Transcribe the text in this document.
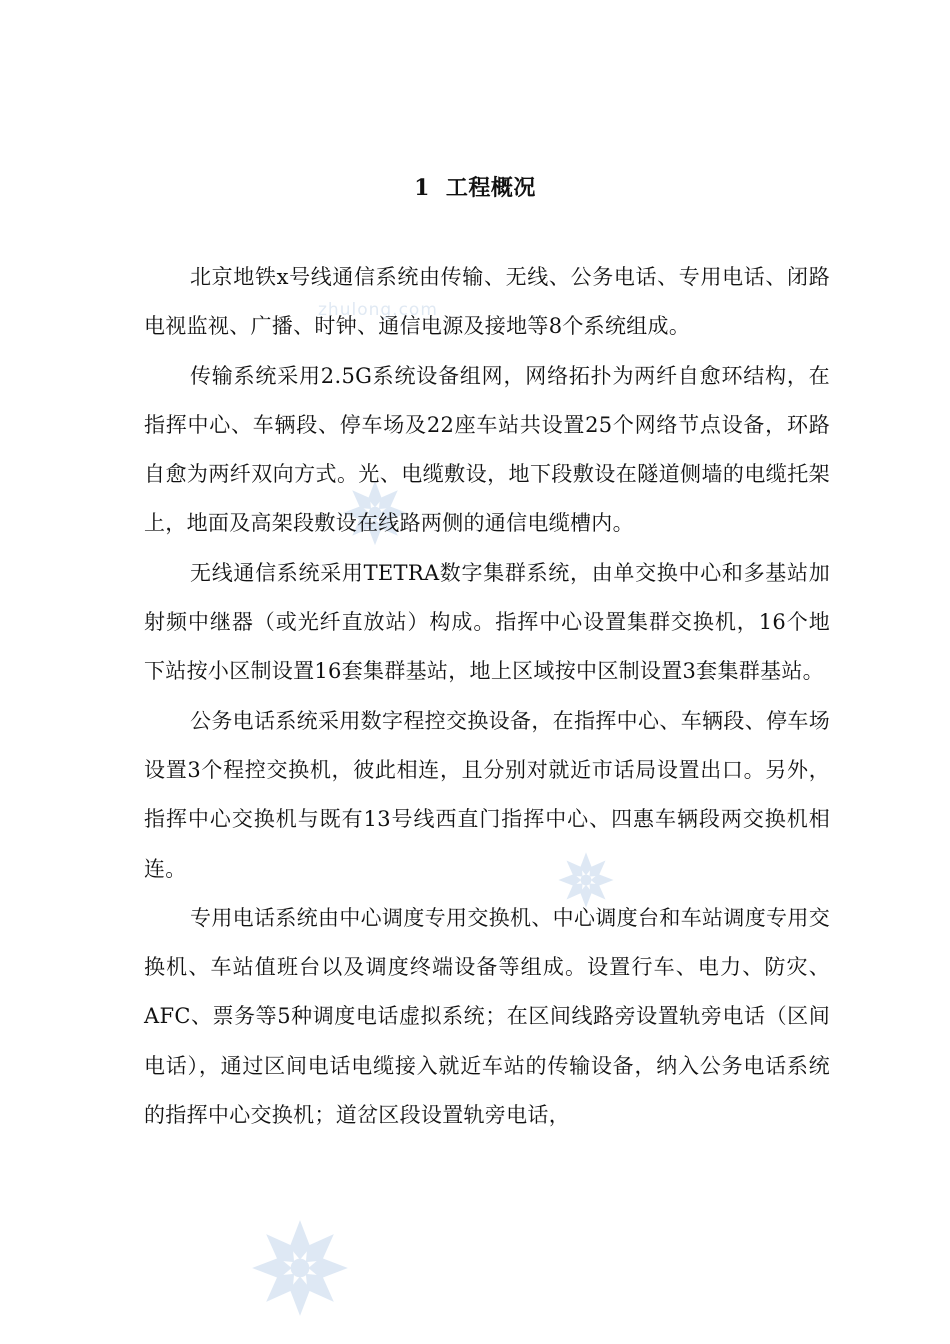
zhulong.com
1 工程概况

北京地铁x号线通信系统由传输、无线、公务电话、专用电话、闭路电视监视、广播、时钟、通信电源及接地等8个系统组成。

传输系统采用2.5G系统设备组网，网络拓扑为两纤自愈环结构，在指挥中心、车辆段、停车场及22座车站共设置25个网络节点设备，环路自愈为两纤双向方式。光、电缆敷设，地下段敷设在隧道侧墙的电缆托架上，地面及高架段敷设在线路两侧的通信电缆槽内。

无线通信系统采用TETRA数字集群系统，由单交换中心和多基站加射频中继器（或光纤直放站）构成。指挥中心设置集群交换机，16个地下站按小区制设置16套集群基站，地上区域按中区制设置3套集群基站。

公务电话系统采用数字程控交换设备，在指挥中心、车辆段、停车场设置3个程控交换机，彼此相连，且分别对就近市话局设置出口。另外，指挥中心交换机与既有13号线西直门指挥中心、四惠车辆段两交换机相连。

专用电话系统由中心调度专用交换机、中心调度台和车站调度专用交换机、车站值班台以及调度终端设备等组成。设置行车、电力、防灾、AFC、票务等5种调度电话虚拟系统；在区间线路旁设置轨旁电话（区间电话），通过区间电话电缆接入就近车站的传输设备，纳入公务电话系统的指挥中心交换机；道岔区段设置轨旁电话，
